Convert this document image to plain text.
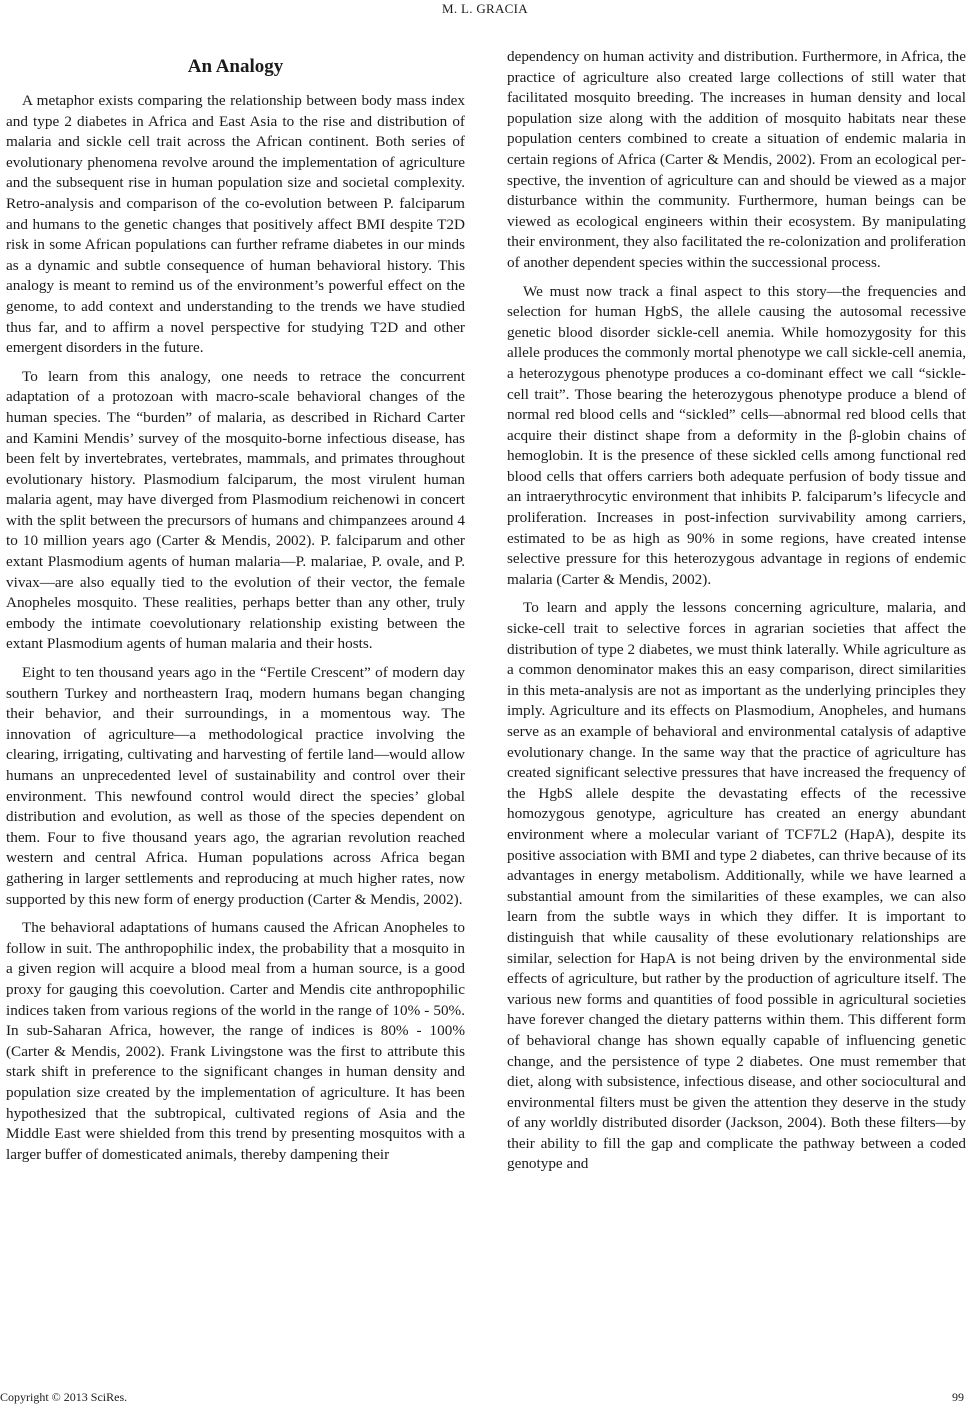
M. L. GRACIA
An Analogy

A metaphor exists comparing the relationship between body mass index and type 2 diabetes in Africa and East Asia to the rise and distribution of malaria and sickle cell trait across the African continent. Both series of evolutionary phenomena revolve around the implementation of agriculture and the subsequent rise in human population size and societal complexity. Retro-analysis and comparison of the co-evolution between P. falciparum and humans to the genetic changes that positively affect BMI despite T2D risk in some African populations can further reframe diabetes in our minds as a dynamic and subtle consequence of human behavioral history. This analogy is meant to remind us of the environment’s powerful effect on the genome, to add context and understanding to the trends we have studied thus far, and to affirm a novel perspective for studying T2D and other emergent disorders in the future.

To learn from this analogy, one needs to retrace the concurrent adaptation of a protozoan with macro-scale behavioral changes of the human species. The “burden” of malaria, as described in Richard Carter and Kamini Mendis’ survey of the mosquito-borne infectious disease, has been felt by invertebrates, vertebrates, mammals, and primates throughout evolutionary history. Plasmodium falciparum, the most virulent human malaria agent, may have diverged from Plasmodium reichenowi in concert with the split between the precursors of humans and chimpanzees around 4 to 10 million years ago (Carter & Mendis, 2002). P. falciparum and other extant Plasmodium agents of human malaria—P. malariae, P. ovale, and P. vivax—are also equally tied to the evolution of their vector, the female Anopheles mosquito. These realities, perhaps better than any other, truly embody the intimate coevolutionary relationship existing between the extant Plasmodium agents of human malaria and their hosts.

Eight to ten thousand years ago in the “Fertile Crescent” of modern day southern Turkey and northeastern Iraq, modern humans began changing their behavior, and their surroundings, in a momentous way. The innovation of agriculture—a methodological practice involving the clearing, irrigating, cultivating and harvesting of fertile land—would allow humans an unprecedented level of sustainability and control over their environment. This newfound control would direct the species’ global distribution and evolution, as well as those of the species dependent on them. Four to five thousand years ago, the agrarian revolution reached western and central Africa. Human populations across Africa began gathering in larger settlements and reproducing at much higher rates, now supported by this new form of energy production (Carter & Mendis, 2002).

The behavioral adaptations of humans caused the African Anopheles to follow in suit. The anthropophilic index, the probability that a mosquito in a given region will acquire a blood meal from a human source, is a good proxy for gauging this coevolution. Carter and Mendis cite anthropophilic indices taken from various regions of the world in the range of 10% - 50%. In sub-Saharan Africa, however, the range of indices is 80% - 100% (Carter & Mendis, 2002). Frank Livingstone was the first to attribute this stark shift in preference to the significant changes in human density and population size created by the implementation of agriculture. It has been hypothesized that the subtropical, cultivated regions of Asia and the Middle East were shielded from this trend by presenting mosquitos with a larger buffer of domesticated animals, thereby dampening their

dependency on human activity and distribution. Furthermore, in Africa, the practice of agriculture also created large collections of still water that facilitated mosquito breeding. The increases in human density and local population size along with the addition of mosquito habitats near these population centers combined to create a situation of endemic malaria in certain regions of Africa (Carter & Mendis, 2002). From an ecological perspective, the invention of agriculture can and should be viewed as a major disturbance within the community. Furthermore, human beings can be viewed as ecological engineers within their ecosystem. By manipulating their environment, they also facilitated the re-colonization and proliferation of another dependent species within the successional process.

We must now track a final aspect to this story—the frequencies and selection for human HgbS, the allele causing the autosomal recessive genetic blood disorder sickle-cell anemia. While homozygosity for this allele produces the commonly mortal phenotype we call sickle-cell anemia, a heterozygous phenotype produces a co-dominant effect we call “sickle-cell trait”. Those bearing the heterozygous phenotype produce a blend of normal red blood cells and “sickled” cells—abnormal red blood cells that acquire their distinct shape from a deformity in the β-globin chains of hemoglobin. It is the presence of these sickled cells among functional red blood cells that offers carriers both adequate perfusion of body tissue and an intraerythrocytic environment that inhibits P. falciparum’s lifecycle and proliferation. Increases in post-infection survivability among carriers, estimated to be as high as 90% in some regions, have created intense selective pressure for this heterozygous advantage in regions of endemic malaria (Carter & Mendis, 2002).

To learn and apply the lessons concerning agriculture, malaria, and sicke-cell trait to selective forces in agrarian societies that affect the distribution of type 2 diabetes, we must think laterally. While agriculture as a common denominator makes this an easy comparison, direct similarities in this meta-analysis are not as important as the underlying principles they imply. Agriculture and its effects on Plasmodium, Anopheles, and humans serve as an example of behavioral and environmental catalysis of adaptive evolutionary change. In the same way that the practice of agriculture has created significant selective pressures that have increased the frequency of the HgbS allele despite the devastating effects of the recessive homozygous genotype, agriculture has created an energy abundant environment where a molecular variant of TCF7L2 (HapA), despite its positive association with BMI and type 2 diabetes, can thrive because of its advantages in energy metabolism. Additionally, while we have learned a substantial amount from the similarities of these examples, we can also learn from the subtle ways in which they differ. It is important to distinguish that while causality of these evolutionary relationships are similar, selection for HapA is not being driven by the environmental side effects of agriculture, but rather by the production of agriculture itself. The various new forms and quantities of food possible in agricultural societies have forever changed the dietary patterns within them. This different form of behavioral change has shown equally capable of influencing genetic change, and the persistence of type 2 diabetes. One must remember that diet, along with subsistence, infectious disease, and other sociocultural and environmental filters must be given the attention they deserve in the study of any worldly distributed disorder (Jackson, 2004). Both these filters—by their ability to fill the gap and complicate the pathway between a coded genotype and

Copyright © 2013 SciRes.	99
